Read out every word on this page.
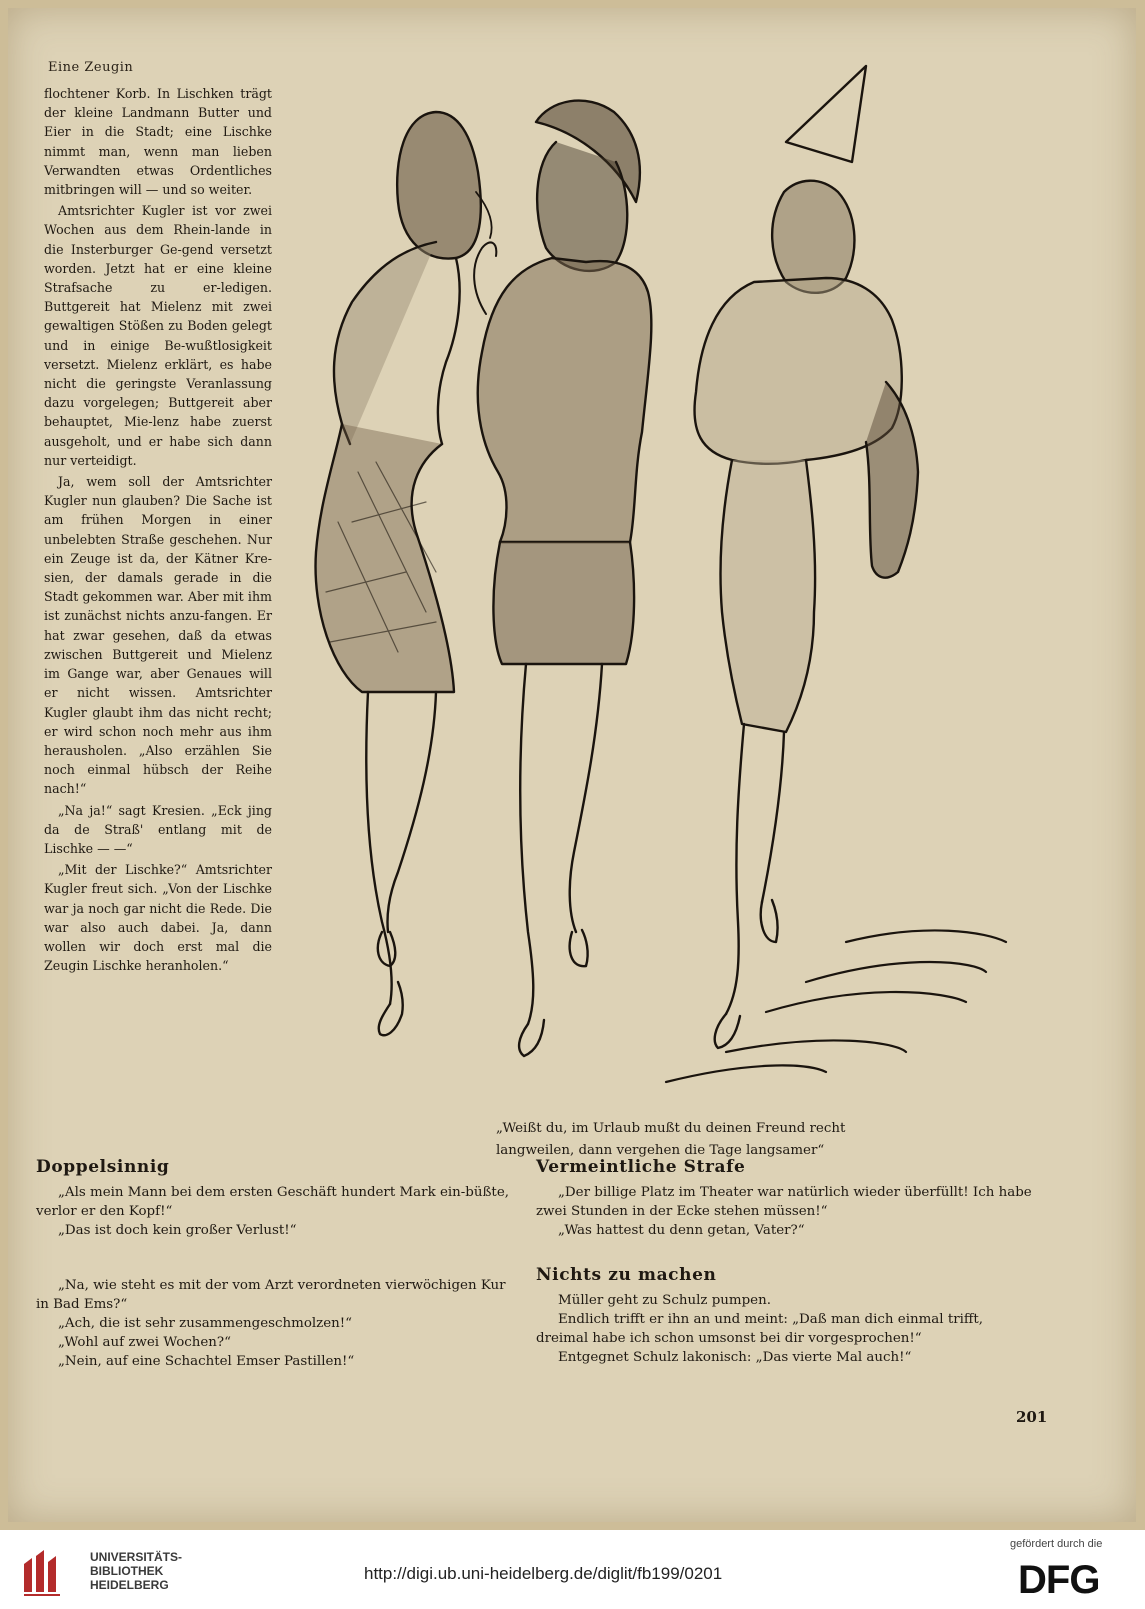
Eine Zeugin

flochtener Korb. In Lischken trägt der kleine Landmann Butter und Eier in die Stadt; eine Lischke nimmt man, wenn man lieben Verwandten etwas Ordentliches mitbringen will — und so weiter.

Amtsrichter Kugler ist vor zwei Wochen aus dem Rhein-lande in die Insterburger Ge-gend versetzt worden. Jetzt hat er eine kleine Strafsache zu er-ledigen. Buttgereit hat Mielenz mit zwei gewaltigen Stößen zu Boden gelegt und in einige Be-wußtlosigkeit versetzt. Mielenz erklärt, es habe nicht die geringste Veranlassung dazu vorgelegen; Buttgereit aber behauptet, Mie-lenz habe zuerst ausgeholt, und er habe sich dann nur verteidigt.

Ja, wem soll der Amtsrichter Kugler nun glauben? Die Sache ist am frühen Morgen in einer unbelebten Straße geschehen. Nur ein Zeuge ist da, der Kätner Kre-sien, der damals gerade in die Stadt gekommen war. Aber mit ihm ist zunächst nichts anzu-fangen. Er hat zwar gesehen, daß da etwas zwischen Buttgereit und Mielenz im Gange war, aber Genaues will er nicht wissen. Amtsrichter Kugler glaubt ihm das nicht recht; er wird schon noch mehr aus ihm herausholen. „Also erzählen Sie noch einmal hübsch der Reihe nach!“

„Na ja!“ sagt Kresien. „Eck jing da de Straß' entlang mit de Lischke — —“

„Mit der Lischke?“ Amtsrichter Kugler freut sich. „Von der Lischke war ja noch gar nicht die Rede. Die war also auch dabei. Ja, dann wollen wir doch erst mal die Zeugin Lischke heranholen.“

„Weißt du, im Urlaub mußt du deinen Freund recht
langweilen, dann vergehen die Tage langsamer“
Doppelsinnig

„Als mein Mann bei dem ersten Geschäft hundert Mark ein-büßte, verlor er den Kopf!“

„Das ist doch kein großer Verlust!“

„Na, wie steht es mit der vom Arzt verordneten vierwöchigen Kur in Bad Ems?“

„Ach, die ist sehr zusammengeschmolzen!“

„Wohl auf zwei Wochen?“

„Nein, auf eine Schachtel Emser Pastillen!“

Vermeintliche Strafe

„Der billige Platz im Theater war natürlich wieder überfüllt! Ich habe zwei Stunden in der Ecke stehen müssen!“

„Was hattest du denn getan, Vater?“

Nichts zu machen

Müller geht zu Schulz pumpen.

Endlich trifft er ihn an und meint: „Daß man dich einmal trifft, dreimal habe ich schon umsonst bei dir vorgesprochen!“

Entgegnet Schulz lakonisch: „Das vierte Mal auch!“

201
UNIVERSITÄTS-
BIBLIOTHEK
HEIDELBERG
http://digi.ub.uni-heidelberg.de/diglit/fb199/0201
gefördert durch die
DFG
